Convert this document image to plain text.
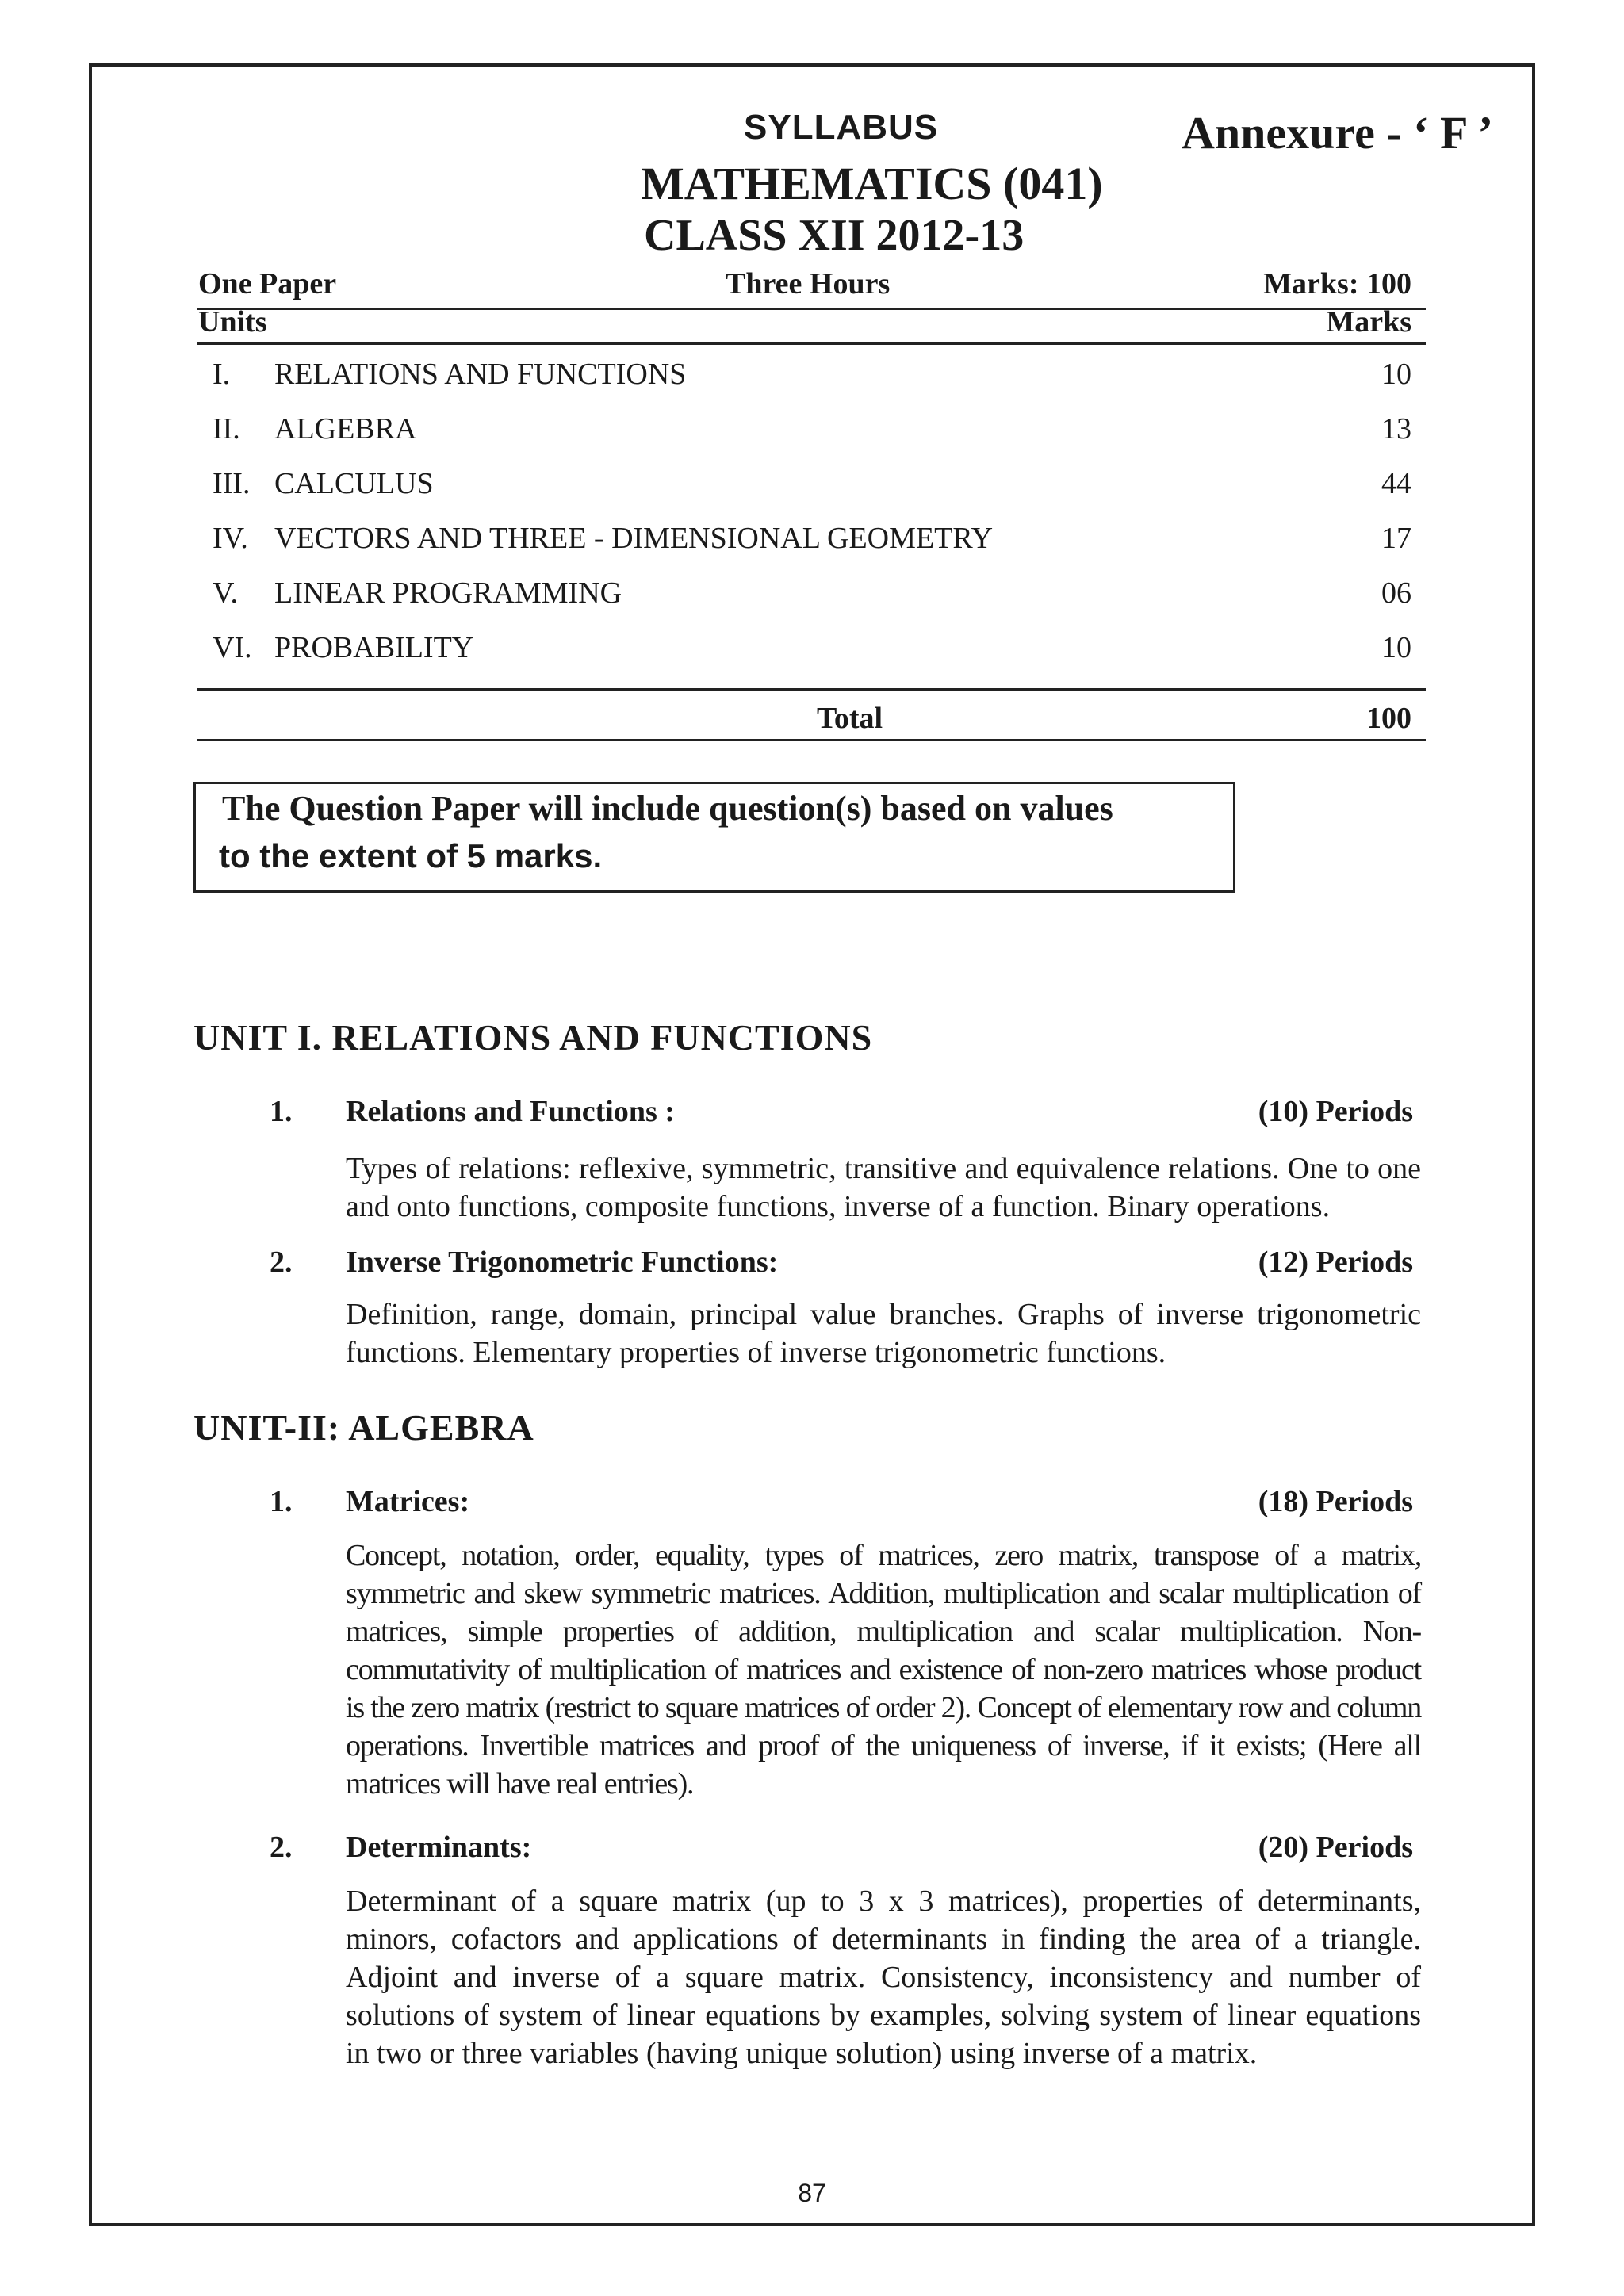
SYLLABUS	Annexure - ‘ F ’
MATHEMATICS (041)
CLASS XII 2012-13
One Paper	Three Hours	Marks: 100
Units	Marks
I. RELATIONS AND FUNCTIONS	10
II. ALGEBRA	13
III. CALCULUS	44
IV. VECTORS AND THREE - DIMENSIONAL GEOMETRY	17
V. LINEAR PROGRAMMING	06
VI. PROBABILITY	10
Total	100
The Question Paper will include question(s) based on values
to the extent of 5 marks.
UNIT I. RELATIONS AND FUNCTIONS
1. Relations and Functions :	(10) Periods
Types of relations: reflexive, symmetric, transitive and equivalence relations. One to one and onto functions, composite functions, inverse of a function. Binary operations.
2. Inverse Trigonometric Functions:	(12) Periods
Definition, range, domain, principal value branches. Graphs of inverse trigonometric functions. Elementary properties of inverse trigonometric functions.
UNIT-II: ALGEBRA
1. Matrices:	(18) Periods
Concept, notation, order, equality, types of matrices, zero matrix, transpose of a matrix, symmetric and skew symmetric matrices. Addition, multiplication and scalar multiplication of matrices, simple properties of addition, multiplication and scalar multiplication. Non-commutativity of multiplication of matrices and existence of non-zero matrices whose product is the zero matrix (restrict to square matrices of order 2). Concept of elementary row and column operations. Invertible matrices and proof of the uniqueness of inverse, if it exists; (Here all matrices will have real entries).
2. Determinants:	(20) Periods
Determinant of a square matrix (up to 3 x 3 matrices), properties of determinants, minors, cofactors and applications of determinants in finding the area of a triangle. Adjoint and inverse of a square matrix. Consistency, inconsistency and number of solutions of system of linear equations by examples, solving system of linear equations in two or three variables (having unique solution) using inverse of a matrix.
87
